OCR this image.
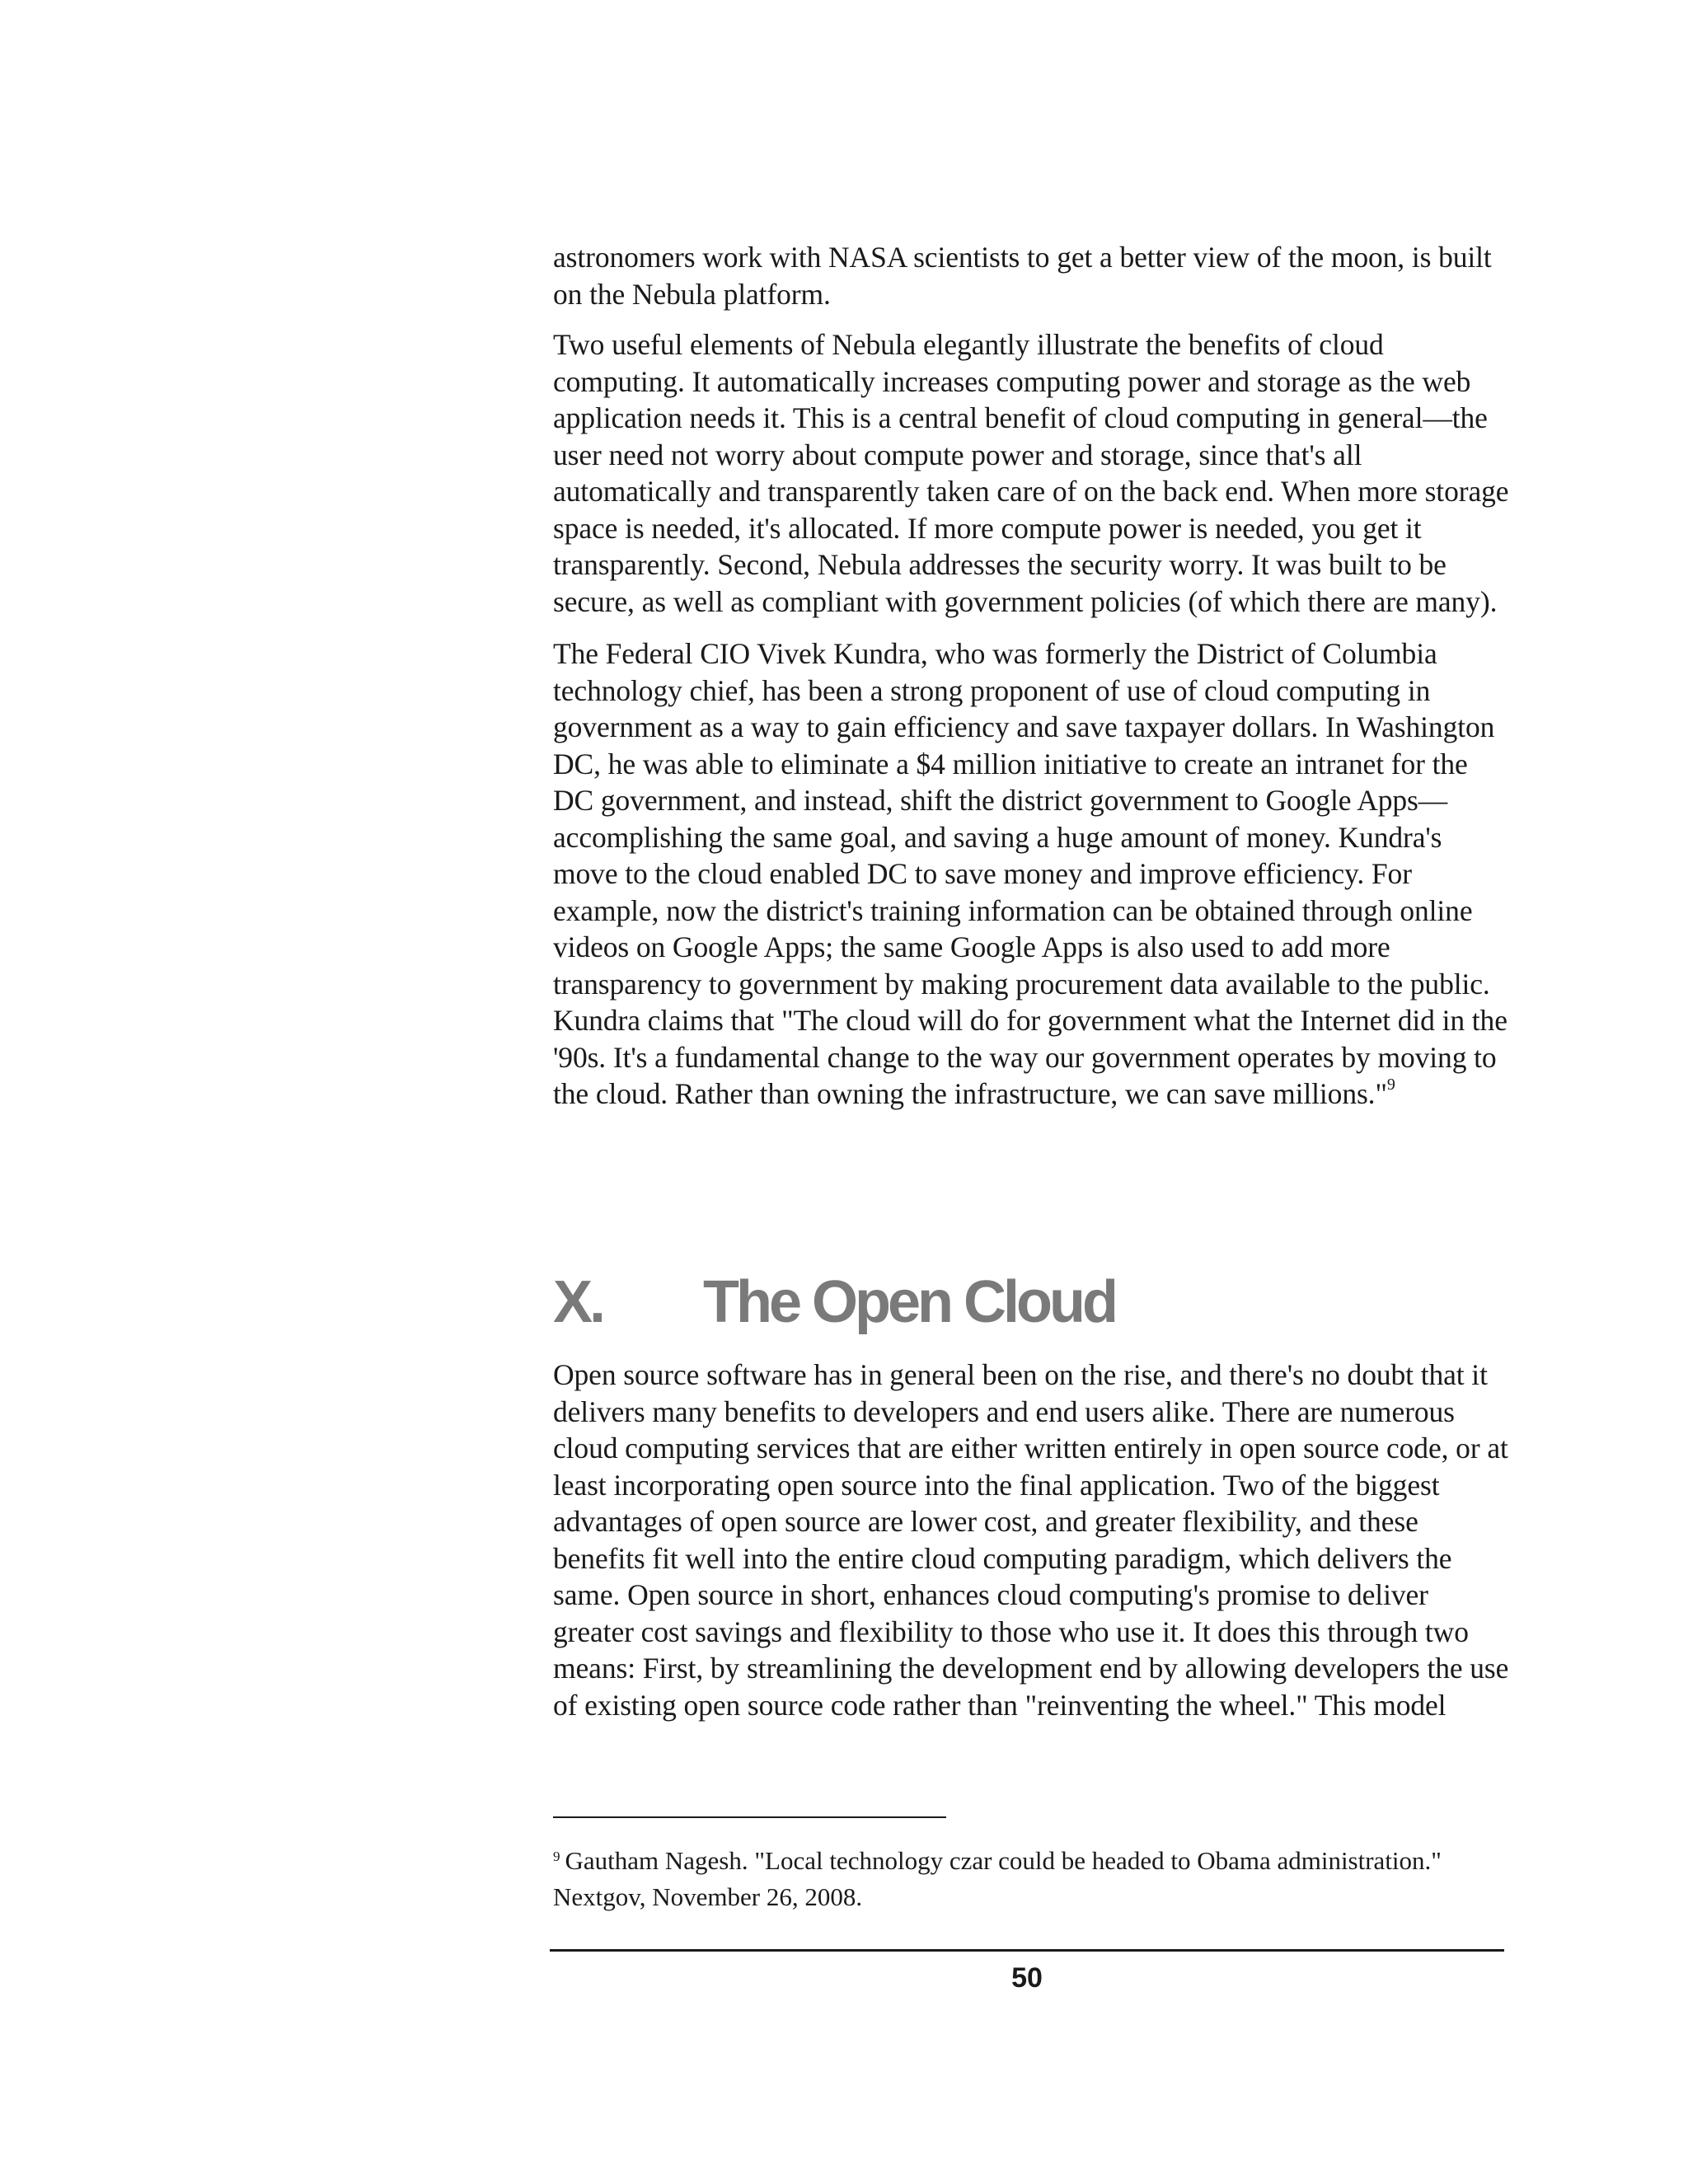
astronomers work with NASA scientists to get a better view of the moon, is built on the Nebula platform.

Two useful elements of Nebula elegantly illustrate the benefits of cloud computing. It automatically increases computing power and storage as the web application needs it. This is a central benefit of cloud computing in general—the user need not worry about compute power and storage, since that's all automatically and transparently taken care of on the back end. When more storage space is needed, it's allocated. If more compute power is needed, you get it transparently. Second, Nebula addresses the security worry. It was built to be secure, as well as compliant with government policies (of which there are many).

The Federal CIO Vivek Kundra, who was formerly the District of Columbia technology chief, has been a strong proponent of use of cloud computing in government as a way to gain efficiency and save taxpayer dollars. In Washington DC, he was able to eliminate a $4 million initiative to create an intranet for the DC government, and instead, shift the district government to Google Apps—accomplishing the same goal, and saving a huge amount of money. Kundra's move to the cloud enabled DC to save money and improve efficiency. For example, now the district's training information can be obtained through online videos on Google Apps; the same Google Apps is also used to add more transparency to government by making procurement data available to the public. Kundra claims that "The cloud will do for government what the Internet did in the '90s. It's a fundamental change to the way our government operates by moving to the cloud. Rather than owning the infrastructure, we can save millions."$^9$

X. The Open Cloud

Open source software has in general been on the rise, and there's no doubt that it delivers many benefits to developers and end users alike. There are numerous cloud computing services that are either written entirely in open source code, or at least incorporating open source into the final application. Two of the biggest advantages of open source are lower cost, and greater flexibility, and these benefits fit well into the entire cloud computing paradigm, which delivers the same. Open source in short, enhances cloud computing's promise to deliver greater cost savings and flexibility to those who use it. It does this through two means: First, by streamlining the development end by allowing developers the use of existing open source code rather than "reinventing the wheel." This model

$^9$ Gautham Nagesh. "Local technology czar could be headed to Obama administration." Nextgov, November 26, 2008.

50
